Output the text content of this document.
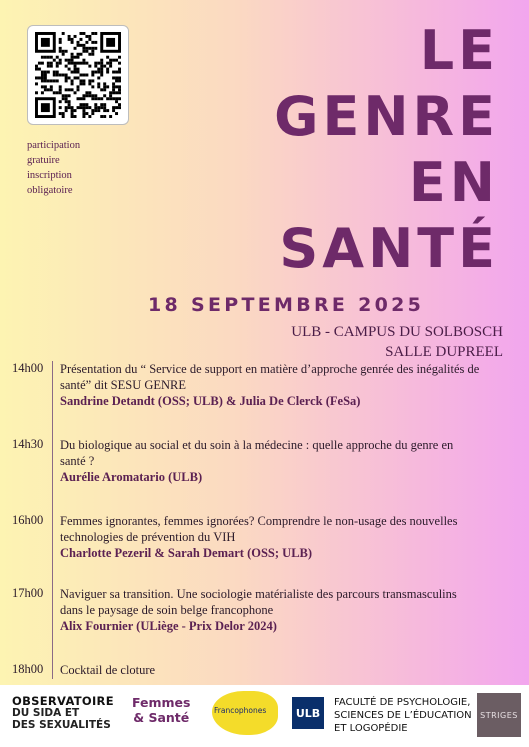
participation
gratuire
inscription
obligatoire
LE
GENRE
EN
SANTÉ
18 SEPTEMBRE 2025
ULB - CAMPUS DU SOLBOSCH
SALLE DUPREEL
14h00	Présentation du “ Service de support en matière d’approche genrée des inégalités de santé” dit SESU GENRE
Sandrine Detandt (OSS; ULB) & Julia De Clerck (FeSa)
14h30	Du biologique au social et du soin à la médecine : quelle approche du genre en santé ?
Aurélie Aromatario (ULB)
16h00	Femmes ignorantes, femmes ignorées? Comprendre le non-usage des nouvelles technologies de prévention du VIH
Charlotte Pezeril & Sarah Demart (OSS; ULB)
17h00	Naviguer sa transition. Une sociologie matérialiste des parcours transmasculins dans le paysage de soin belge francophone
Alix Fournier (ULiège - Prix Delor 2024)
18h00	Cocktail de cloture
OBSERVATOIRE
DU SIDA ET
DES SEXUALITÉS
Femmes
& Santé	Francophones	ULB
FACULTÉ DE PSYCHOLOGIE,
SCIENCES DE L’ÉDUCATION
ET LOGOPÉDIE
STRIGES
